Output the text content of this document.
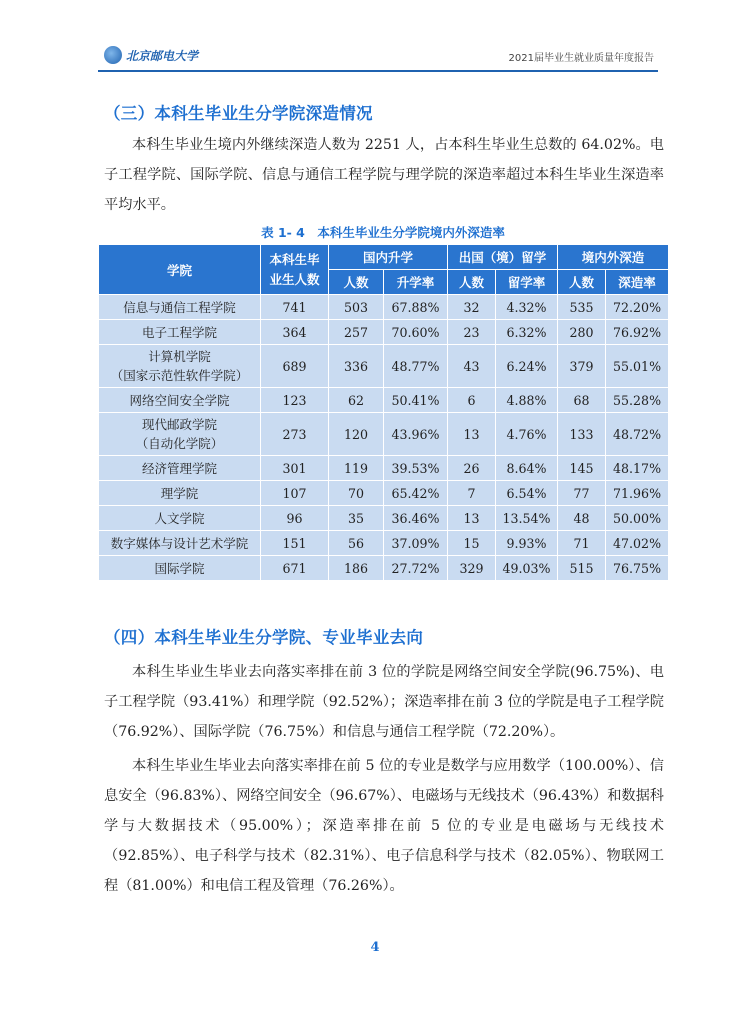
北京邮电大学	2021届毕业生就业质量年度报告
（三）本科生毕业生分学院深造情况

本科生毕业生境内外继续深造人数为 2251 人，占本科生毕业生总数的 64.02%。电子工程学院、国际学院、信息与通信工程学院与理学院的深造率超过本科生毕业生深造率平均水平。

表 1- 4　本科生毕业生分学院境内外深造率
学院	本科生毕业生人数	国内升学		出国（境）留学		境内外深造	
		人数	升学率	人数	留学率	人数	深造率

信息与通信工程学院	741	503	67.88%	32	4.32%	535	72.20%

电子工程学院	364	257	70.60%	23	6.32%	280	76.92%

计算机学院
（国家示范性软件学院）	689	336	48.77%	43	6.24%	379	55.01%

网络空间安全学院	123	62	50.41%	6	4.88%	68	55.28%

现代邮政学院
（自动化学院）	273	120	43.96%	13	4.76%	133	48.72%

经济管理学院	301	119	39.53%	26	8.64%	145	48.17%

理学院	107	70	65.42%	7	6.54%	77	71.96%

人文学院	96	35	36.46%	13	13.54%	48	50.00%

数字媒体与设计艺术学院	151	56	37.09%	15	9.93%	71	47.02%

国际学院	671	186	27.72%	329	49.03%	515	76.75%
（四）本科生毕业生分学院、专业毕业去向

本科生毕业生毕业去向落实率排在前 3 位的学院是网络空间安全学院(96.75%)、电子工程学院（93.41%）和理学院（92.52%）；深造率排在前 3 位的学院是电子工程学院（76.92%）、国际学院（76.75%）和信息与通信工程学院（72.20%）。

本科生毕业生毕业去向落实率排在前 5 位的专业是数学与应用数学（100.00%）、信息安全（96.83%）、网络空间安全（96.67%）、电磁场与无线技术（96.43%）和数据科学与大数据技术（95.00%）；深造率排在前 5 位的专业是电磁场与无线技术（92.85%）、电子科学与技术（82.31%）、电子信息科学与技术（82.05%）、物联网工程（81.00%）和电信工程及管理（76.26%）。

4
